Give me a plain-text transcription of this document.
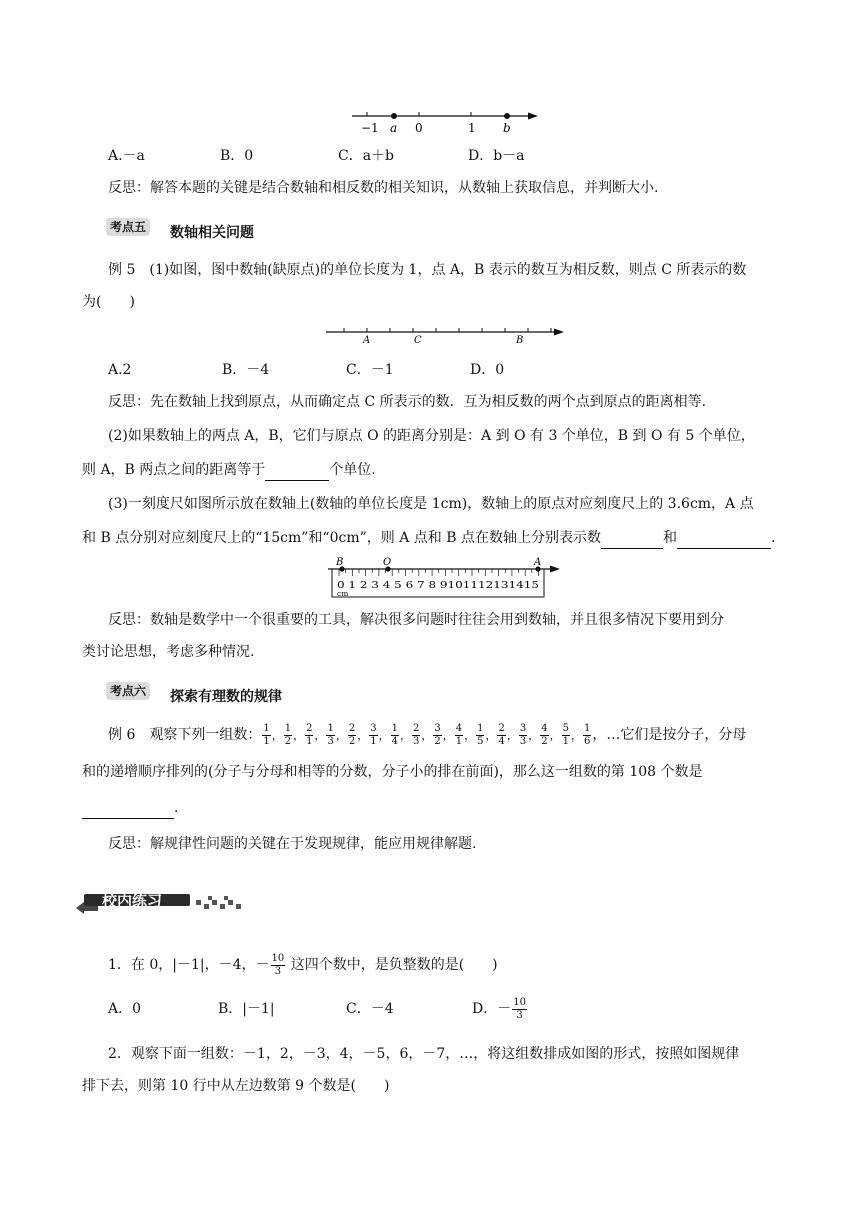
−1 a 0	1 b
A.－a	B．0	C．a＋b	D．b－a
反思：解答本题的关键是结合数轴和相反数的相关知识，从数轴上获取信息，并判断大小.
考点五 数轴相关问题
例 5　(1)如图，图中数轴(缺原点)的单位长度为 1，点 A，B 表示的数互为相反数，则点 C 所表示的数
为(　　)
A	C	B
A.2	B．－4	C．－1	D．0
反思：先在数轴上找到原点，从而确定点 C 所表示的数．互为相反数的两个点到原点的距离相等.
(2)如果数轴上的两点 A，B，它们与原点 O 的距离分别是：A 到 O 有 3 个单位，B 到 O 有 5 个单位，
则 A，B 两点之间的距离等于	个单位.
(3)一刻度尺如图所示放在数轴上(数轴的单位长度是 1cm)，数轴上的原点对应刻度尺上的 3.6cm，A 点
和 B 点分别对应刻度尺上的“15cm”和“0cm”，则 A 点和 B 点在数轴上分别表示数	和	.
B	O	A
0 1 2 3 4 5 6 7 8 9101112131415
cm
反思：数轴是数学中一个很重要的工具，解决很多问题时往往会用到数轴，并且很多情况下要用到分
类讨论思想，考虑多种情况.
考点六 探索有理数的规律
例 6　观察下列一组数： $\frac{1}{1}$ ， $\frac{1}{2}$ ， $\frac{2}{1}$ ， $\frac{1}{3}$ ， $\frac{2}{2}$ ， $\frac{3}{1}$ ， $\frac{1}{4}$ ， $\frac{2}{3}$ ， $\frac{3}{2}$ ， $\frac{4}{1}$ ， $\frac{1}{5}$ ， $\frac{2}{4}$ ， $\frac{3}{3}$ ， $\frac{4}{2}$ ， $\frac{5}{1}$ ， $\frac{1}{6}$ ，…它们是按分子，分母
和的递增顺序排列的(分子与分母和相等的分数，分子小的排在前面)，那么这一组数的第 108 个数是
.
反思：解规律性问题的关键在于发现规律，能应用规律解题.
校内练习
1．在 0，|－1|，－4，－ $\frac{10}{3}$ 这四个数中，是负整数的是(　　)
A．0	B．|－1|	C．－4	D．－ $\frac{10}{3}$
2．观察下面一组数：－1，2，－3，4，－5，6，－7，…，将这组数排成如图的形式，按照如图规律
排下去，则第 10 行中从左边数第 9 个数是(　　)
